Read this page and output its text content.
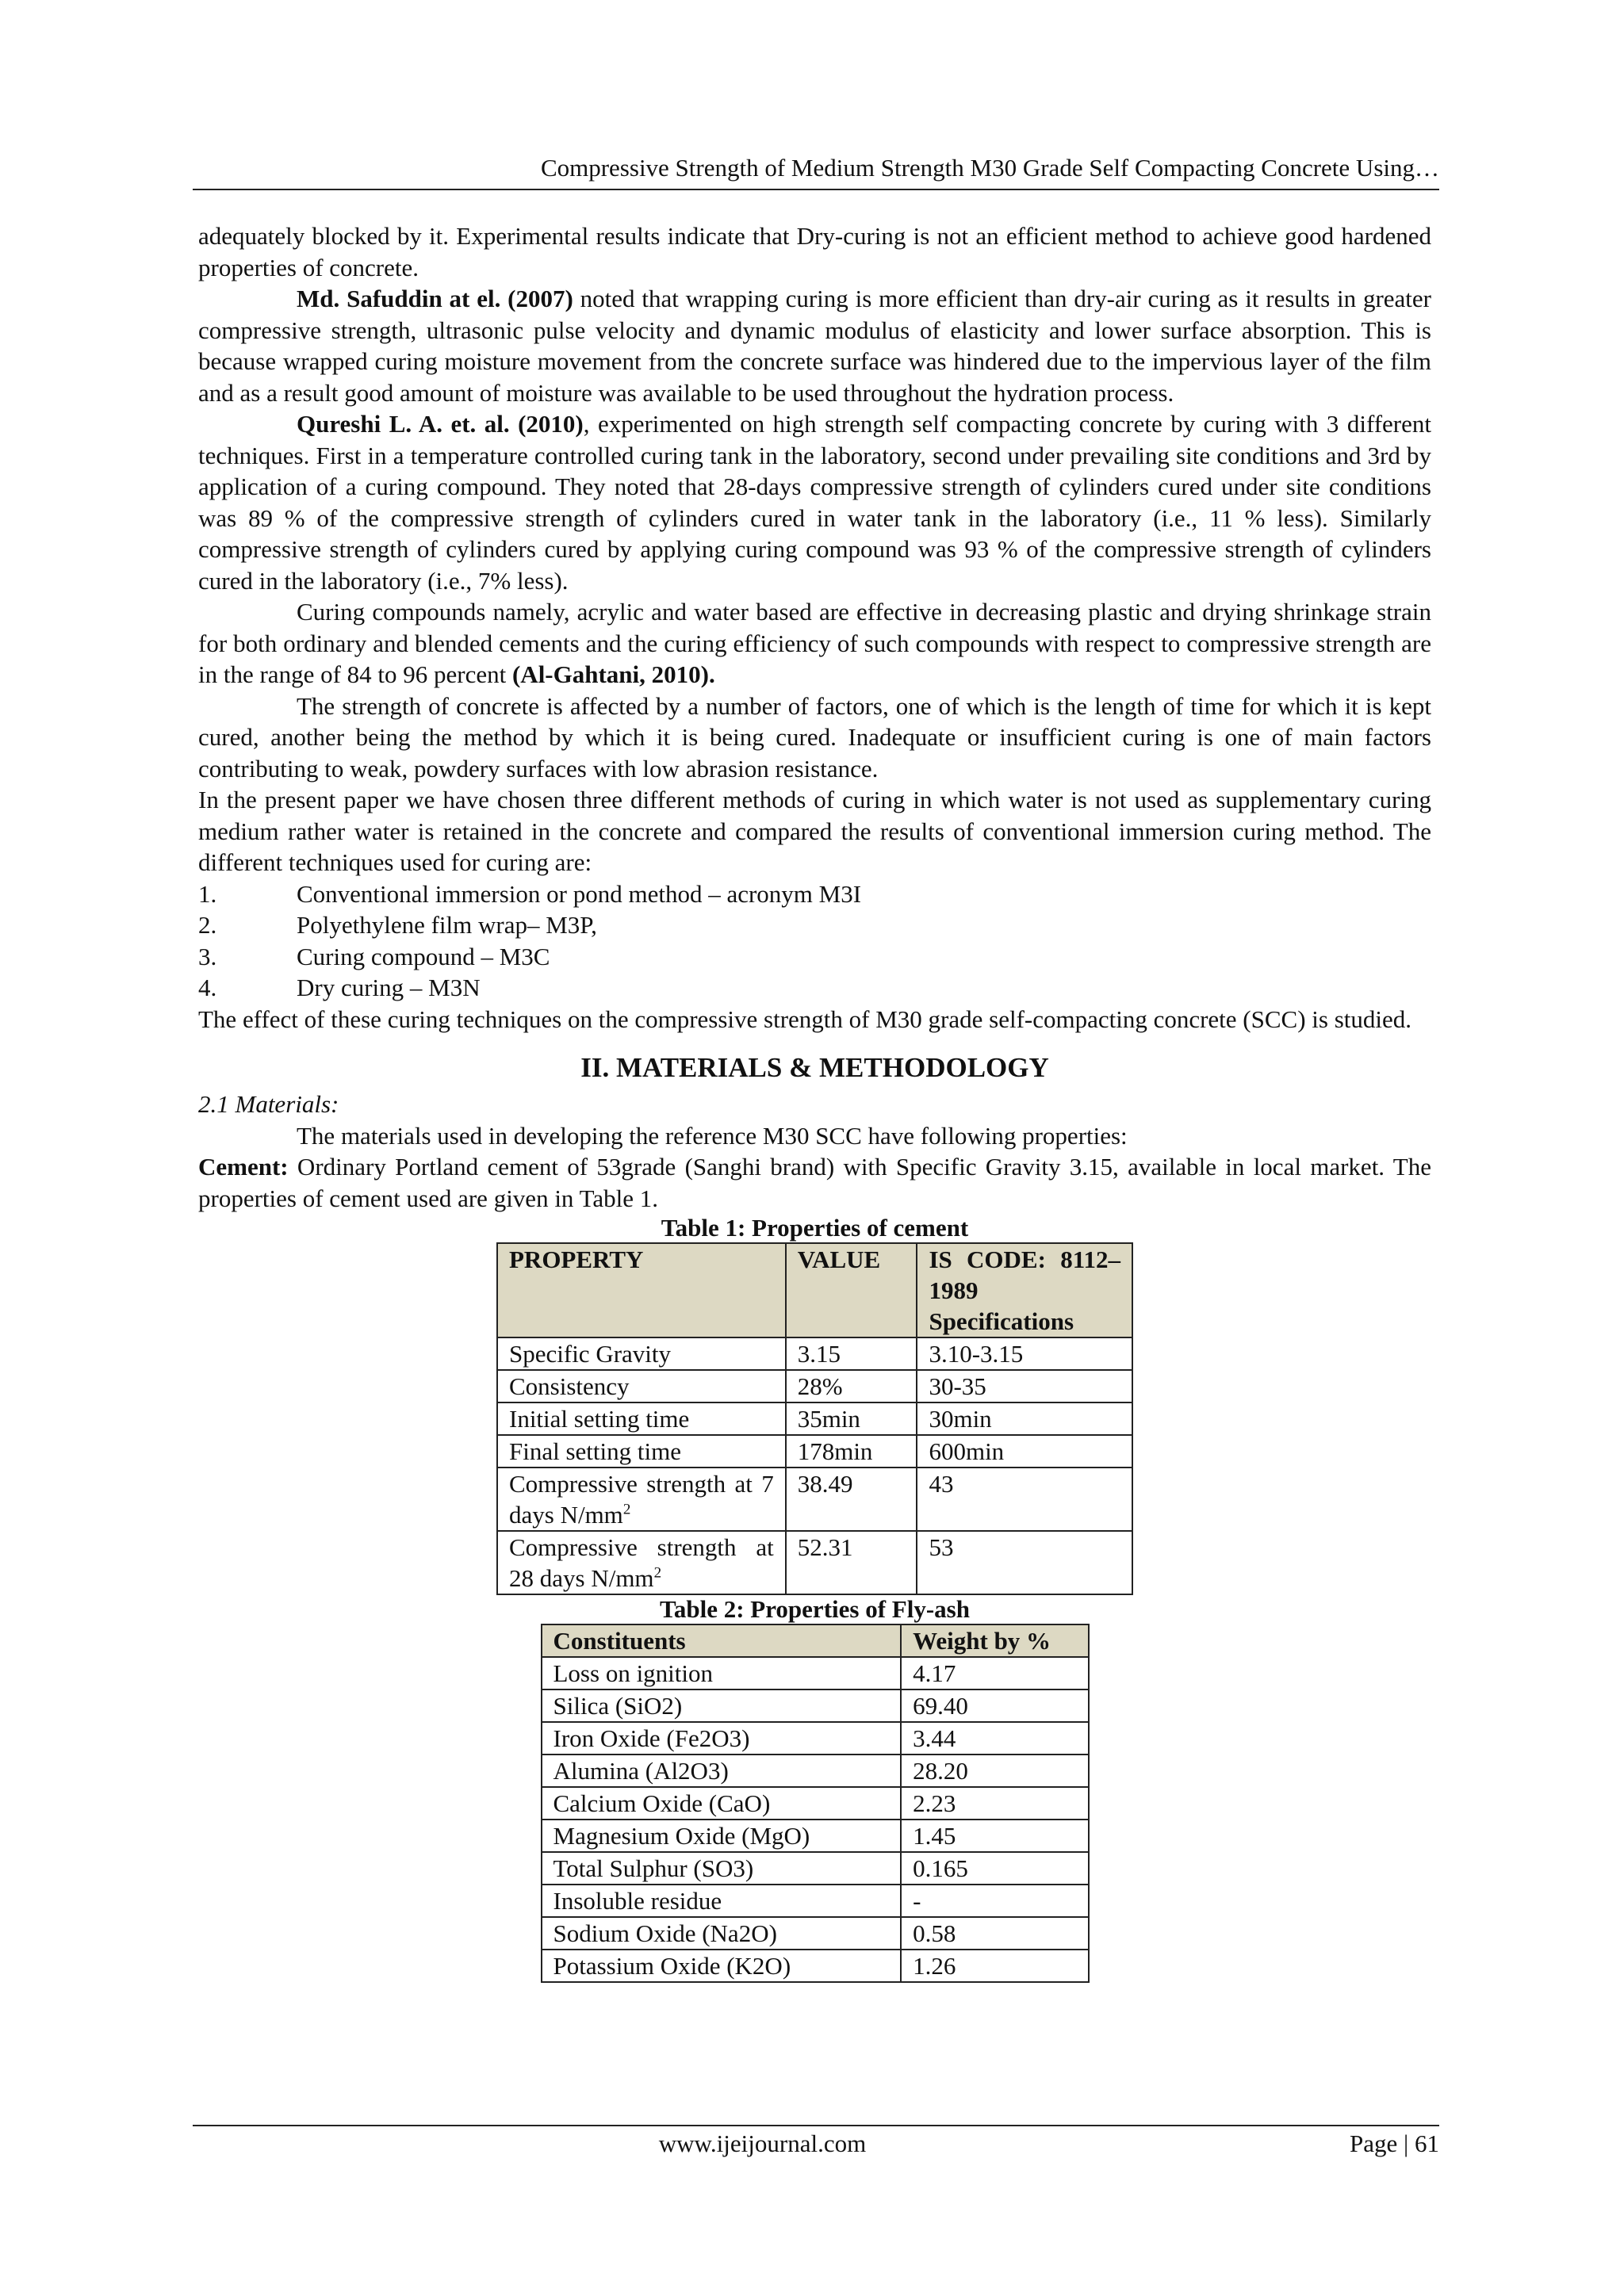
Compressive Strength of Medium Strength M30 Grade Self Compacting Concrete Using…

adequately blocked by it. Experimental results indicate that Dry-curing is not an efficient method to achieve good hardened properties of concrete.

Md. Safuddin at el. (2007) noted that wrapping curing is more efficient than dry-air curing as it results in greater compressive strength, ultrasonic pulse velocity and dynamic modulus of elasticity and lower surface absorption. This is because wrapped curing moisture movement from the concrete surface was hindered due to the impervious layer of the film and as a result good amount of moisture was available to be used throughout the hydration process.

Qureshi L. A. et. al. (2010), experimented on high strength self compacting concrete by curing with 3 different techniques. First in a temperature controlled curing tank in the laboratory, second under prevailing site conditions and 3rd by application of a curing compound. They noted that 28-days compressive strength of cylinders cured under site conditions was 89 % of the compressive strength of cylinders cured in water tank in the laboratory (i.e., 11 % less). Similarly compressive strength of cylinders cured by applying curing compound was 93 % of the compressive strength of cylinders cured in the laboratory (i.e., 7% less).

Curing compounds namely, acrylic and water based are effective in decreasing plastic and drying shrinkage strain for both ordinary and blended cements and the curing efficiency of such compounds with respect to compressive strength are in the range of 84 to 96 percent (Al-Gahtani, 2010).

The strength of concrete is affected by a number of factors, one of which is the length of time for which it is kept cured, another being the method by which it is being cured. Inadequate or insufficient curing is one of main factors contributing to weak, powdery surfaces with low abrasion resistance.

In the present paper we have chosen three different methods of curing in which water is not used as supplementary curing medium rather water is retained in the concrete and compared the results of conventional immersion curing method. The different techniques used for curing are:

1.	Conventional immersion or pond method – acronym M3I
2.	Polyethylene film wrap– M3P,
3.	Curing compound – M3C
4.	Dry curing – M3N

The effect of these curing techniques on the compressive strength of M30 grade self-compacting concrete (SCC) is studied.

II. MATERIALS & METHODOLOGY
2.1 Materials:

The materials used in developing the reference M30 SCC have following properties:

Cement: Ordinary Portland cement of 53grade (Sanghi brand) with Specific Gravity 3.15, available in local market. The properties of cement used are given in Table 1.

Table 1: Properties of cement
PROPERTY	VALUE	IS CODE: 8112–1989 Specifications
Specific Gravity	3.15	3.10-3.15
Consistency	28%	30-35
Initial setting time	35min	30min
Final setting time	178min	600min
Compressive strength at 7 days $N/mm^2$	38.49	43
Compressive strength at 28 days $N/mm^2$	52.31	53
Table 2: Properties of Fly-ash
Constituents	Weight by %
Loss on ignition	4.17
Silica (SiO2)	69.40
Iron Oxide (Fe2O3)	3.44
Alumina (Al2O3)	28.20
Calcium Oxide (CaO)	2.23
Magnesium Oxide (MgO)	1.45
Total Sulphur (SO3)	0.165
Insoluble residue	-
Sodium Oxide (Na2O)	0.58
Potassium Oxide (K2O)	1.26
www.ijeijournal.com	Page | 61
